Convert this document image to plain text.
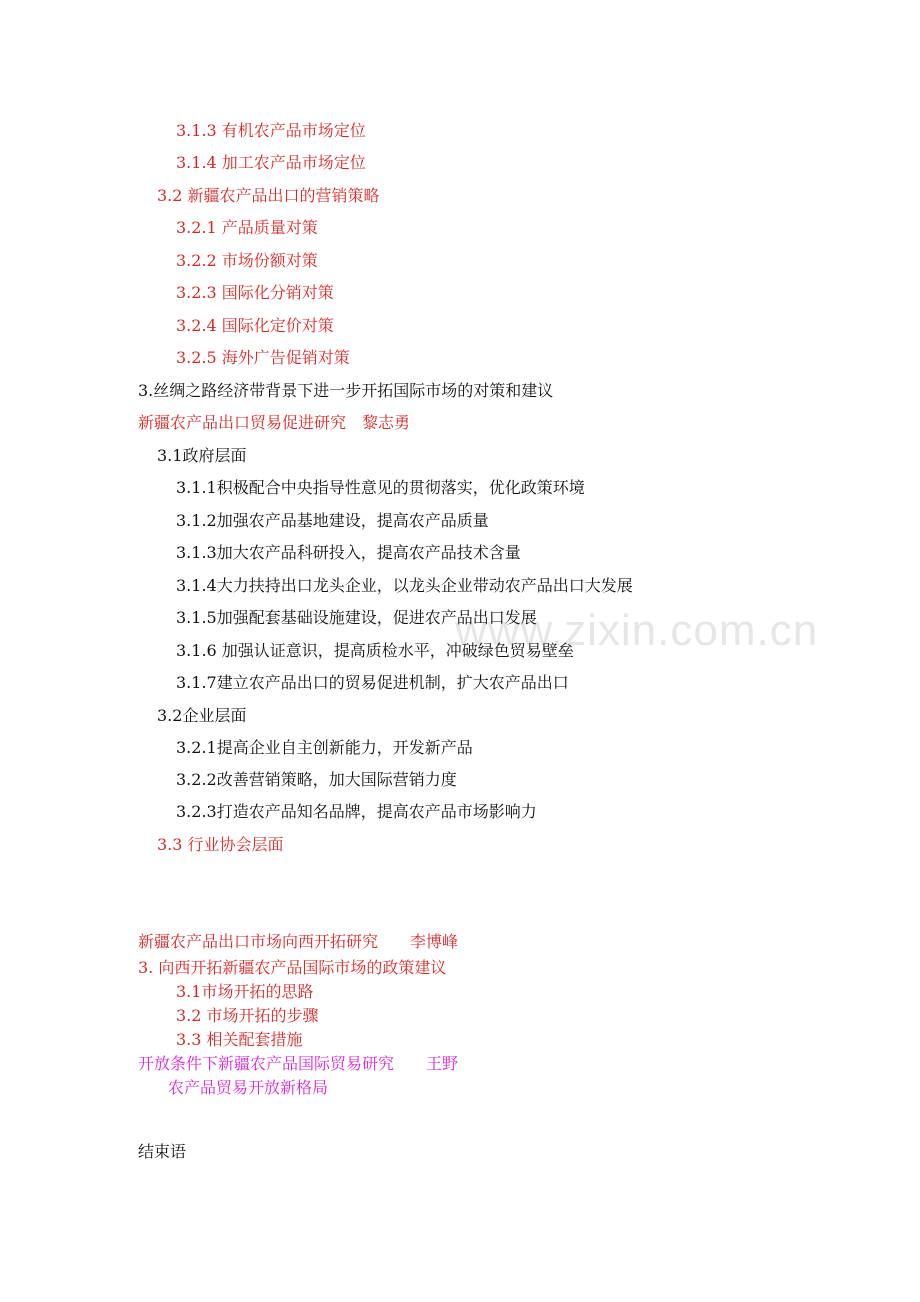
www.zixin.com.cn
3.1.3 有机农产品市场定位
3.1.4 加工农产品市场定位
3.2 新疆农产品出口的营销策略
3.2.1 产品质量对策
3.2.2 市场份额对策
3.2.3 国际化分销对策
3.2.4 国际化定价对策
3.2.5 海外广告促销对策
3.丝绸之路经济带背景下进一步开拓国际市场的对策和建议
新疆农产品出口贸易促进研究　黎志勇
3.1政府层面
3.1.1积极配合中央指导性意见的贯彻落实，优化政策环境
3.1.2加强农产品基地建设，提高农产品质量
3.1.3加大农产品科研投入，提高农产品技术含量
3.1.4大力扶持出口龙头企业，以龙头企业带动农产品出口大发展
3.1.5加强配套基础设施建设，促进农产品出口发展
3.1.6 加强认证意识，提高质检水平，冲破绿色贸易壁垒
3.1.7建立农产品出口的贸易促进机制，扩大农产品出口
3.2企业层面
3.2.1提高企业自主创新能力，开发新产品
3.2.2改善营销策略，加大国际营销力度
3.2.3打造农产品知名品牌，提高农产品市场影响力
3.3 行业协会层面
新疆农产品出口市场向西开拓研究　　李博峰
3. 向西开拓新疆农产品国际市场的政策建议
3.1市场开拓的思路
3.2 市场开拓的步骤
3.3 相关配套措施
开放条件下新疆农产品国际贸易研究　　王野
农产品贸易开放新格局
结束语
